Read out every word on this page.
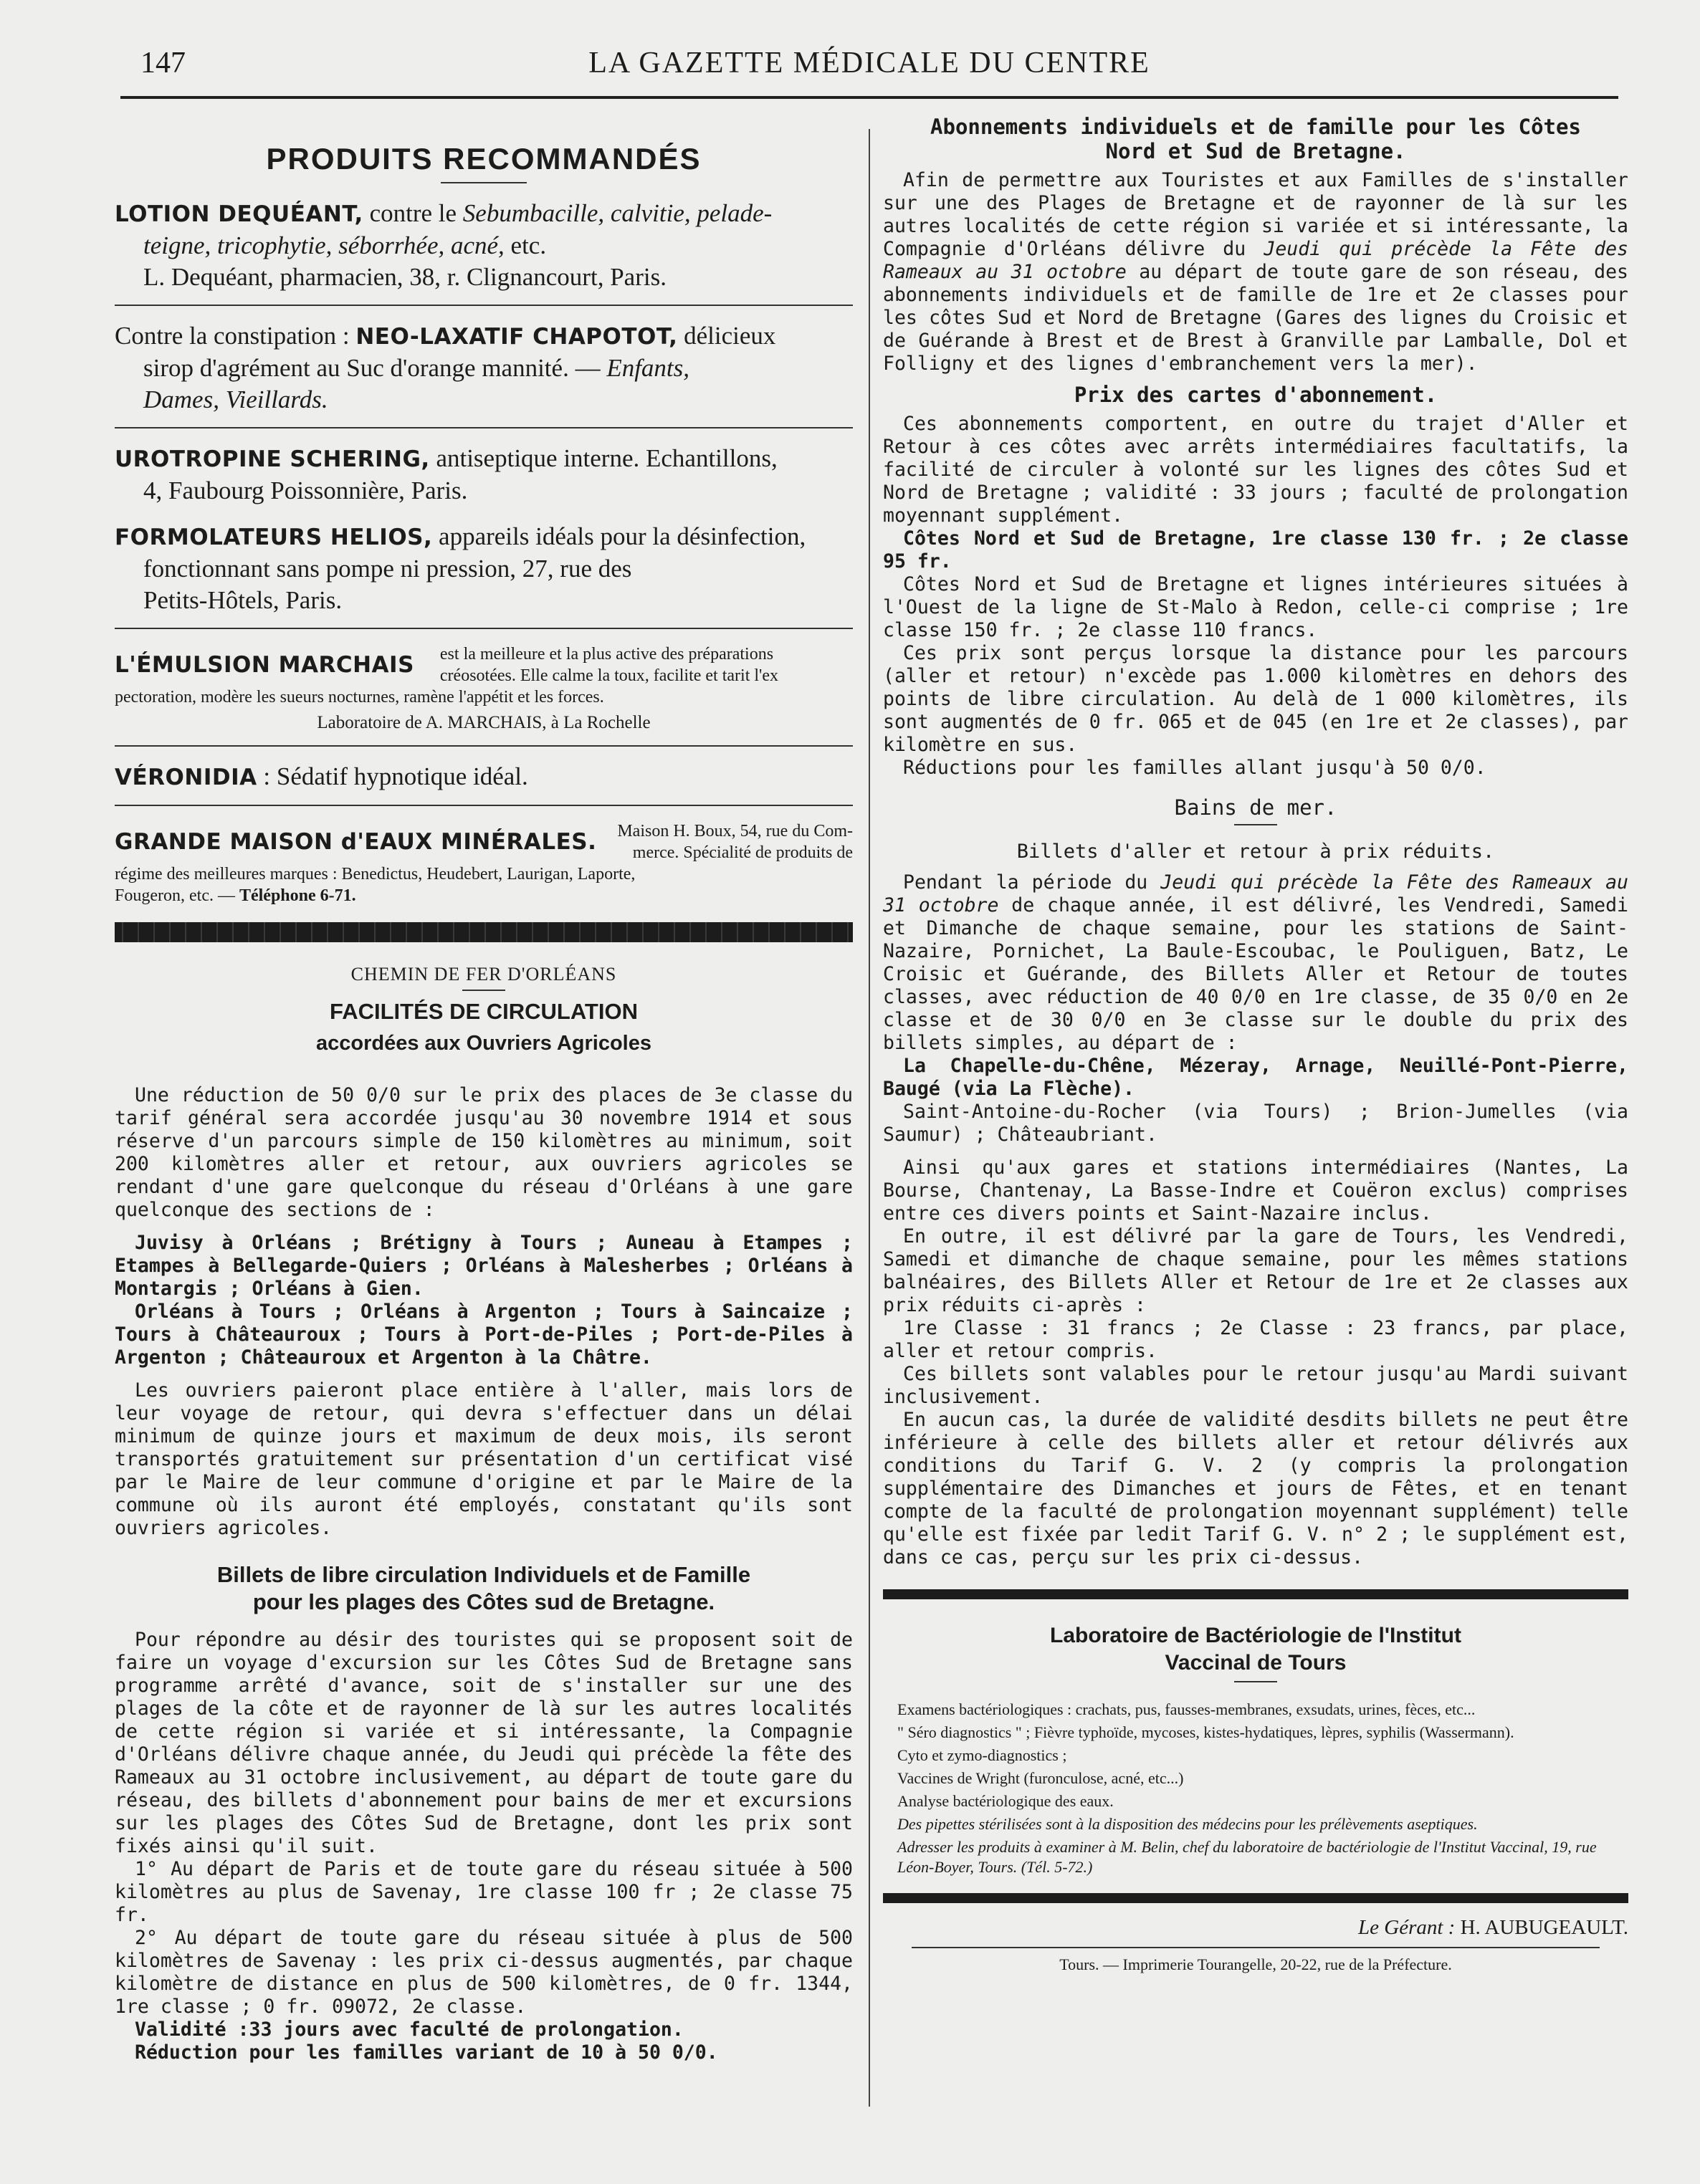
147	LA GAZETTE MÉDICALE DU CENTRE
PRODUITS RECOMMANDÉS
LOTION DEQUÉANT, contre le Sebumbacille, calvitie, pelade-
teigne, tricophytie, séborrhée, acné, etc.
L. Dequéant, pharmacien, 38, r. Clignancourt, Paris.
Contre la constipation : NEO-LAXATIF CHAPOTOT, délicieux
sirop d'agrément au Suc d'orange mannité. — Enfants,
Dames, Vieillards.
UROTROPINE SCHERING, antiseptique interne. Echantillons,
4, Faubourg Poissonnière, Paris.
FORMOLATEURS HELIOS, appareils idéals pour la désinfection,
fonctionnant sans pompe ni pression, 27, rue des
Petits-Hôtels, Paris.
L'ÉMULSION MARCHAIS est la meilleure et la plus active des préparations
créosotées. Elle calme la toux, facilite et tarit l'ex
pectoration, modère les sueurs nocturnes, ramène l'appétit et les forces.
Laboratoire de A. MARCHAIS, à La Rochelle
VÉRONIDIA : Sédatif hypnotique idéal.
GRANDE MAISON d'EAUX MINÉRALES.	Maison H. Boux, 54, rue du Com-
merce. Spécialité de produits de
régime des meilleures marques : Benedictus, Heudebert, Laurigan, Laporte,
Fougeron, etc. — Téléphone 6-71.
CHEMIN DE FER D'ORLÉANS
FACILITÉS DE CIRCULATION
accordées aux Ouvriers Agricoles

Une réduction de 50 0/0 sur le prix des places de 3e classe du tarif général sera accordée jusqu'au 30 novembre 1914 et sous réserve d'un parcours simple de 150 kilomètres au minimum, soit 200 kilomètres aller et retour, aux ouvriers agricoles se rendant d'une gare quelconque du réseau d'Orléans à une gare quelconque des sections de :

Juvisy à Orléans ; Brétigny à Tours ; Auneau à Etampes ; Etampes à Bellegarde-Quiers ; Orléans à Malesherbes ; Orléans à Montargis ; Orléans à Gien.

Orléans à Tours ; Orléans à Argenton ; Tours à Saincaize ; Tours à Châteauroux ; Tours à Port-de-Piles ; Port-de-Piles à Argenton ; Châteauroux et Argenton à la Châtre.

Les ouvriers paieront place entière à l'aller, mais lors de leur voyage de retour, qui devra s'effectuer dans un délai minimum de quinze jours et maximum de deux mois, ils seront transportés gratuitement sur présentation d'un certificat visé par le Maire de leur commune d'origine et par le Maire de la commune où ils auront été employés, constatant qu'ils sont ouvriers agricoles.

Billets de libre circulation Individuels et de Famille
pour les plages des Côtes sud de Bretagne.

Pour répondre au désir des touristes qui se proposent soit de faire un voyage d'excursion sur les Côtes Sud de Bretagne sans programme arrêté d'avance, soit de s'installer sur une des plages de la côte et de rayonner de là sur les autres localités de cette région si variée et si intéressante, la Compagnie d'Orléans délivre chaque année, du Jeudi qui précède la fête des Rameaux au 31 octobre inclusivement, au départ de toute gare du réseau, des billets d'abonnement pour bains de mer et excursions sur les plages des Côtes Sud de Bretagne, dont les prix sont fixés ainsi qu'il suit.

1° Au départ de Paris et de toute gare du réseau située à 500 kilomètres au plus de Savenay, 1re classe 100 fr ; 2e classe 75 fr.

2° Au départ de toute gare du réseau située à plus de 500 kilomètres de Savenay : les prix ci-dessus augmentés, par chaque kilomètre de distance en plus de 500 kilomètres, de 0 fr. 1344, 1re classe ; 0 fr. 09072, 2e classe.

Validité :33 jours avec faculté de prolongation.

Réduction pour les familles variant de 10 à 50 0/0.

Abonnements individuels et de famille pour les Côtes
Nord et Sud de Bretagne.

Afin de permettre aux Touristes et aux Familles de s'installer sur une des Plages de Bretagne et de rayonner de là sur les autres localités de cette région si variée et si intéressante, la Compagnie d'Orléans délivre du Jeudi qui précède la Fête des Rameaux au 31 octobre au départ de toute gare de son réseau, des abonnements individuels et de famille de 1re et 2e classes pour les côtes Sud et Nord de Bretagne (Gares des lignes du Croisic et de Guérande à Brest et de Brest à Granville par Lamballe, Dol et Folligny et des lignes d'embranchement vers la mer).

Prix des cartes d'abonnement.

Ces abonnements comportent, en outre du trajet d'Aller et Retour à ces côtes avec arrêts intermédiaires facultatifs, la facilité de circuler à volonté sur les lignes des côtes Sud et Nord de Bretagne ; validité : 33 jours ; faculté de prolongation moyennant supplément.

Côtes Nord et Sud de Bretagne, 1re classe 130 fr. ; 2e classe 95 fr.

Côtes Nord et Sud de Bretagne et lignes intérieures situées à l'Ouest de la ligne de St-Malo à Redon, celle-ci comprise ; 1re classe 150 fr. ; 2e classe 110 francs.

Ces prix sont perçus lorsque la distance pour les parcours (aller et retour) n'excède pas 1.000 kilomètres en dehors des points de libre circulation. Au delà de 1 000 kilomètres, ils sont augmentés de 0 fr. 065 et de 045 (en 1re et 2e classes), par kilomètre en sus.

Réductions pour les familles allant jusqu'à 50 0/0.

Bains de mer.
Billets d'aller et retour à prix réduits.

Pendant la période du Jeudi qui précède la Fête des Rameaux au 31 octobre de chaque année, il est délivré, les Vendredi, Samedi et Dimanche de chaque semaine, pour les stations de Saint-Nazaire, Pornichet, La Baule-Escoubac, le Pouliguen, Batz, Le Croisic et Guérande, des Billets Aller et Retour de toutes classes, avec réduction de 40 0/0 en 1re classe, de 35 0/0 en 2e classe et de 30 0/0 en 3e classe sur le double du prix des billets simples, au départ de :

La Chapelle-du-Chêne, Mézeray, Arnage, Neuillé-Pont-Pierre, Baugé (via La Flèche).

Saint-Antoine-du-Rocher (via Tours) ; Brion-Jumelles (via Saumur) ; Châteaubriant.

Ainsi qu'aux gares et stations intermédiaires (Nantes, La Bourse, Chantenay, La Basse-Indre et Couëron exclus) comprises entre ces divers points et Saint-Nazaire inclus.

En outre, il est délivré par la gare de Tours, les Vendredi, Samedi et dimanche de chaque semaine, pour les mêmes stations balnéaires, des Billets Aller et Retour de 1re et 2e classes aux prix réduits ci-après :

1re Classe : 31 francs ; 2e Classe : 23 francs, par place, aller et retour compris.

Ces billets sont valables pour le retour jusqu'au Mardi suivant inclusivement.

En aucun cas, la durée de validité desdits billets ne peut être inférieure à celle des billets aller et retour délivrés aux conditions du Tarif G. V. 2 (y compris la prolongation supplémentaire des Dimanches et jours de Fêtes, et en tenant compte de la faculté de prolongation moyennant supplément) telle qu'elle est fixée par ledit Tarif G. V. n° 2 ; le supplément est, dans ce cas, perçu sur les prix ci-dessus.

Laboratoire de Bactériologie de l'Institut
Vaccinal de Tours

Examens bactériologiques : crachats, pus, fausses-membranes, exsudats, urines, fèces, etc...

" Séro diagnostics " ; Fièvre typhoïde, mycoses, kistes-hydatiques, lèpres, syphilis (Wassermann).

Cyto et zymo-diagnostics ;

Vaccines de Wright (furonculose, acné, etc...)

Analyse bactériologique des eaux.

Des pipettes stérilisées sont à la disposition des médecins pour les prélèvements aseptiques.

Adresser les produits à examiner à M. Belin, chef du laboratoire de bactériologie de l'Institut Vaccinal, 19, rue Léon-Boyer, Tours. (Tél. 5-72.)

Le Gérant : H. AUBUGEAULT.
Tours. — Imprimerie Tourangelle, 20-22, rue de la Préfecture.
